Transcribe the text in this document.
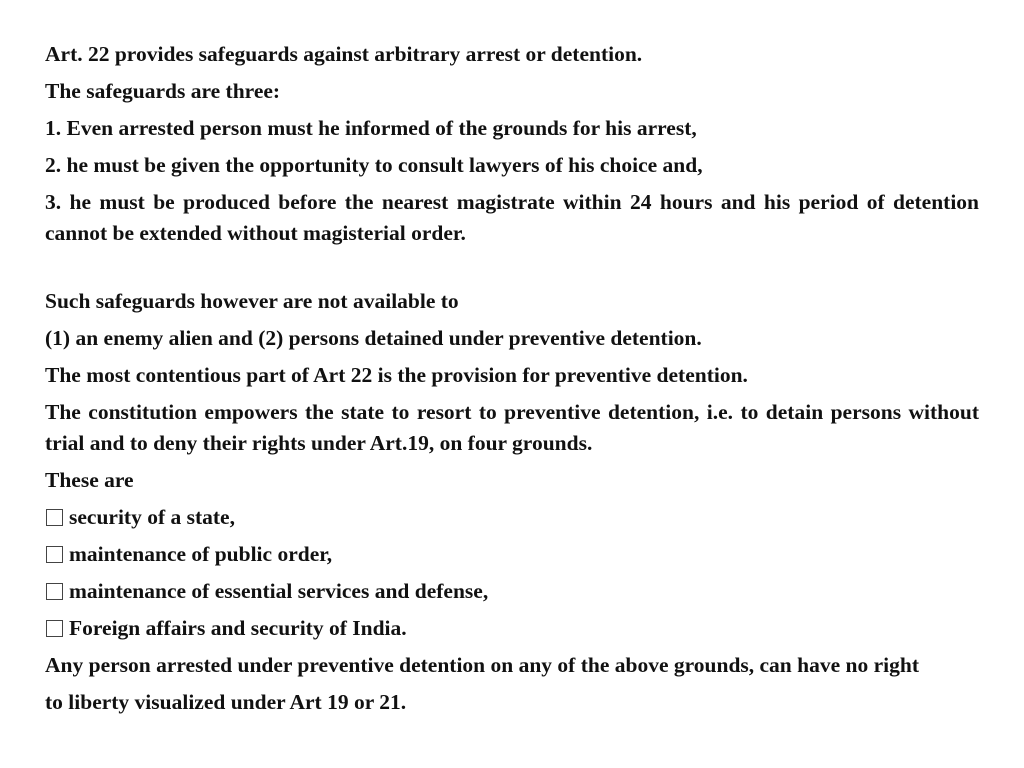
Art. 22 provides safeguards against arbitrary arrest or detention.
The safeguards are three:
1. Even arrested person must he informed of the grounds for his arrest,
2. he must be given the opportunity to consult lawyers of his choice and,
3. he must be produced before the nearest magistrate within 24 hours and his period of detention cannot be extended without magisterial order.
Such safeguards however are not available to
(1) an enemy alien and (2) persons detained under preventive detention.
The most contentious part of Art 22 is the provision for preventive detention.
The constitution empowers the state to resort to preventive detention, i.e. to detain persons without trial and to deny their rights under Art.19, on four grounds.
These are
security of a state,
maintenance of public order,
maintenance of essential services and defense,
Foreign affairs and security of India.
Any person arrested under preventive detention on any of the above grounds, can have no right
to liberty visualized under Art 19 or 21.
